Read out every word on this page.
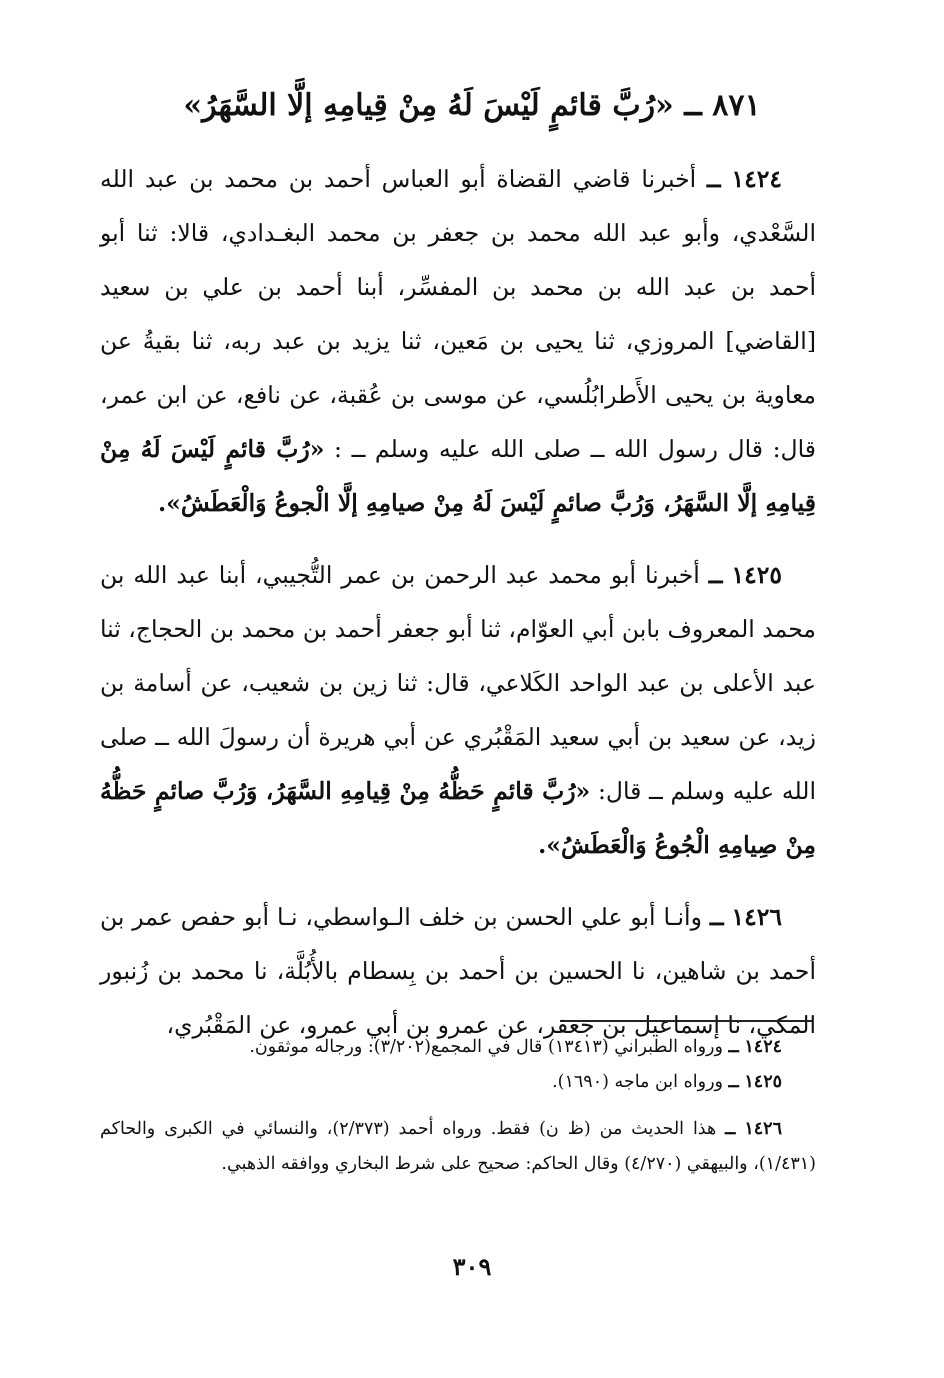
٨٧١ ــ «رُبَّ قائمٍ لَيْسَ لَهُ مِنْ قِيامِهِ إلَّا السَّهَرُ»

١٤٢٤ ــ أخبرنا قاضي القضاة أبو العباس أحمد بن محمد بن عبد الله السَّعْدي، وأبو عبد الله محمد بن جعفر بن محمد البغـدادي، قالا: ثنا أبو أحمد بن عبد الله بن محمد بن المفسِّر، أبنا أحمد بن علي بن سعيد [القاضي] المروزي، ثنا يحيى بن مَعين، ثنا يزيد بن عبد ربه، ثنا بقيةُ عن معاوية بن يحيى الأَطرابُلُسي، عن موسى بن عُقبة، عن نافع، عن ابن عمر، قال: قال رسول الله ــ صلى الله عليه وسلم ــ : «رُبَّ قائمٍ لَيْسَ لَهُ مِنْ قِيامِهِ إلَّا السَّهَرُ، وَرُبَّ صائمٍ لَيْسَ لَهُ مِنْ صيامِهِ إلَّا الْجوعُ وَالْعَطَشُ».

١٤٢٥ ــ أخبرنا أبو محمد عبد الرحمن بن عمر التُّجيبي، أبنا عبد الله بن محمد المعروف بابن أبي العوّام، ثنا أبو جعفر أحمد بن محمد بن الحجاج، ثنا عبد الأعلى بن عبد الواحد الكَلاعي، قال: ثنا زين بن شعيب، عن أسامة بن زيد، عن سعيد بن أبي سعيد المَقْبُري عن أبي هريرة أن رسولَ الله ــ صلى الله عليه وسلم ــ قال: «رُبَّ قائمٍ حَظُّهُ مِنْ قِيامِهِ السَّهَرُ، وَرُبَّ صائمٍ حَظُّهُ مِنْ صِيامِهِ الْجُوعُ وَالْعَطَشُ».

١٤٢٦ ــ وأنـا أبو علي الحسن بن خلف الـواسطي، نـا أبو حفص عمر بن أحمد بن شاهين، نا الحسين بن أحمد بن بِسطام بالأُبُلَّة، نا محمد بن زُنبور المكي، نا إسماعيل بن جعفر، عن عمرو بن أبي عمرو، عن المَقْبُري،

١٤٢٤ ــ ورواه الطبراني (١٣٤١٣) قال في المجمع(٣/٢٠٢): ورجاله موثقون.

١٤٢٥ ــ ورواه ابن ماجه (١٦٩٠).

١٤٢٦ ــ هذا الحديث من (ظ ن) فقط. ورواه أحمد (٢/٣٧٣)، والنسائي في الكبرى والحاكم (١/٤٣١)، والبيهقي (٤/٢٧٠) وقال الحاكم: صحيح على شرط البخاري ووافقه الذهبي.

٣٠٩
